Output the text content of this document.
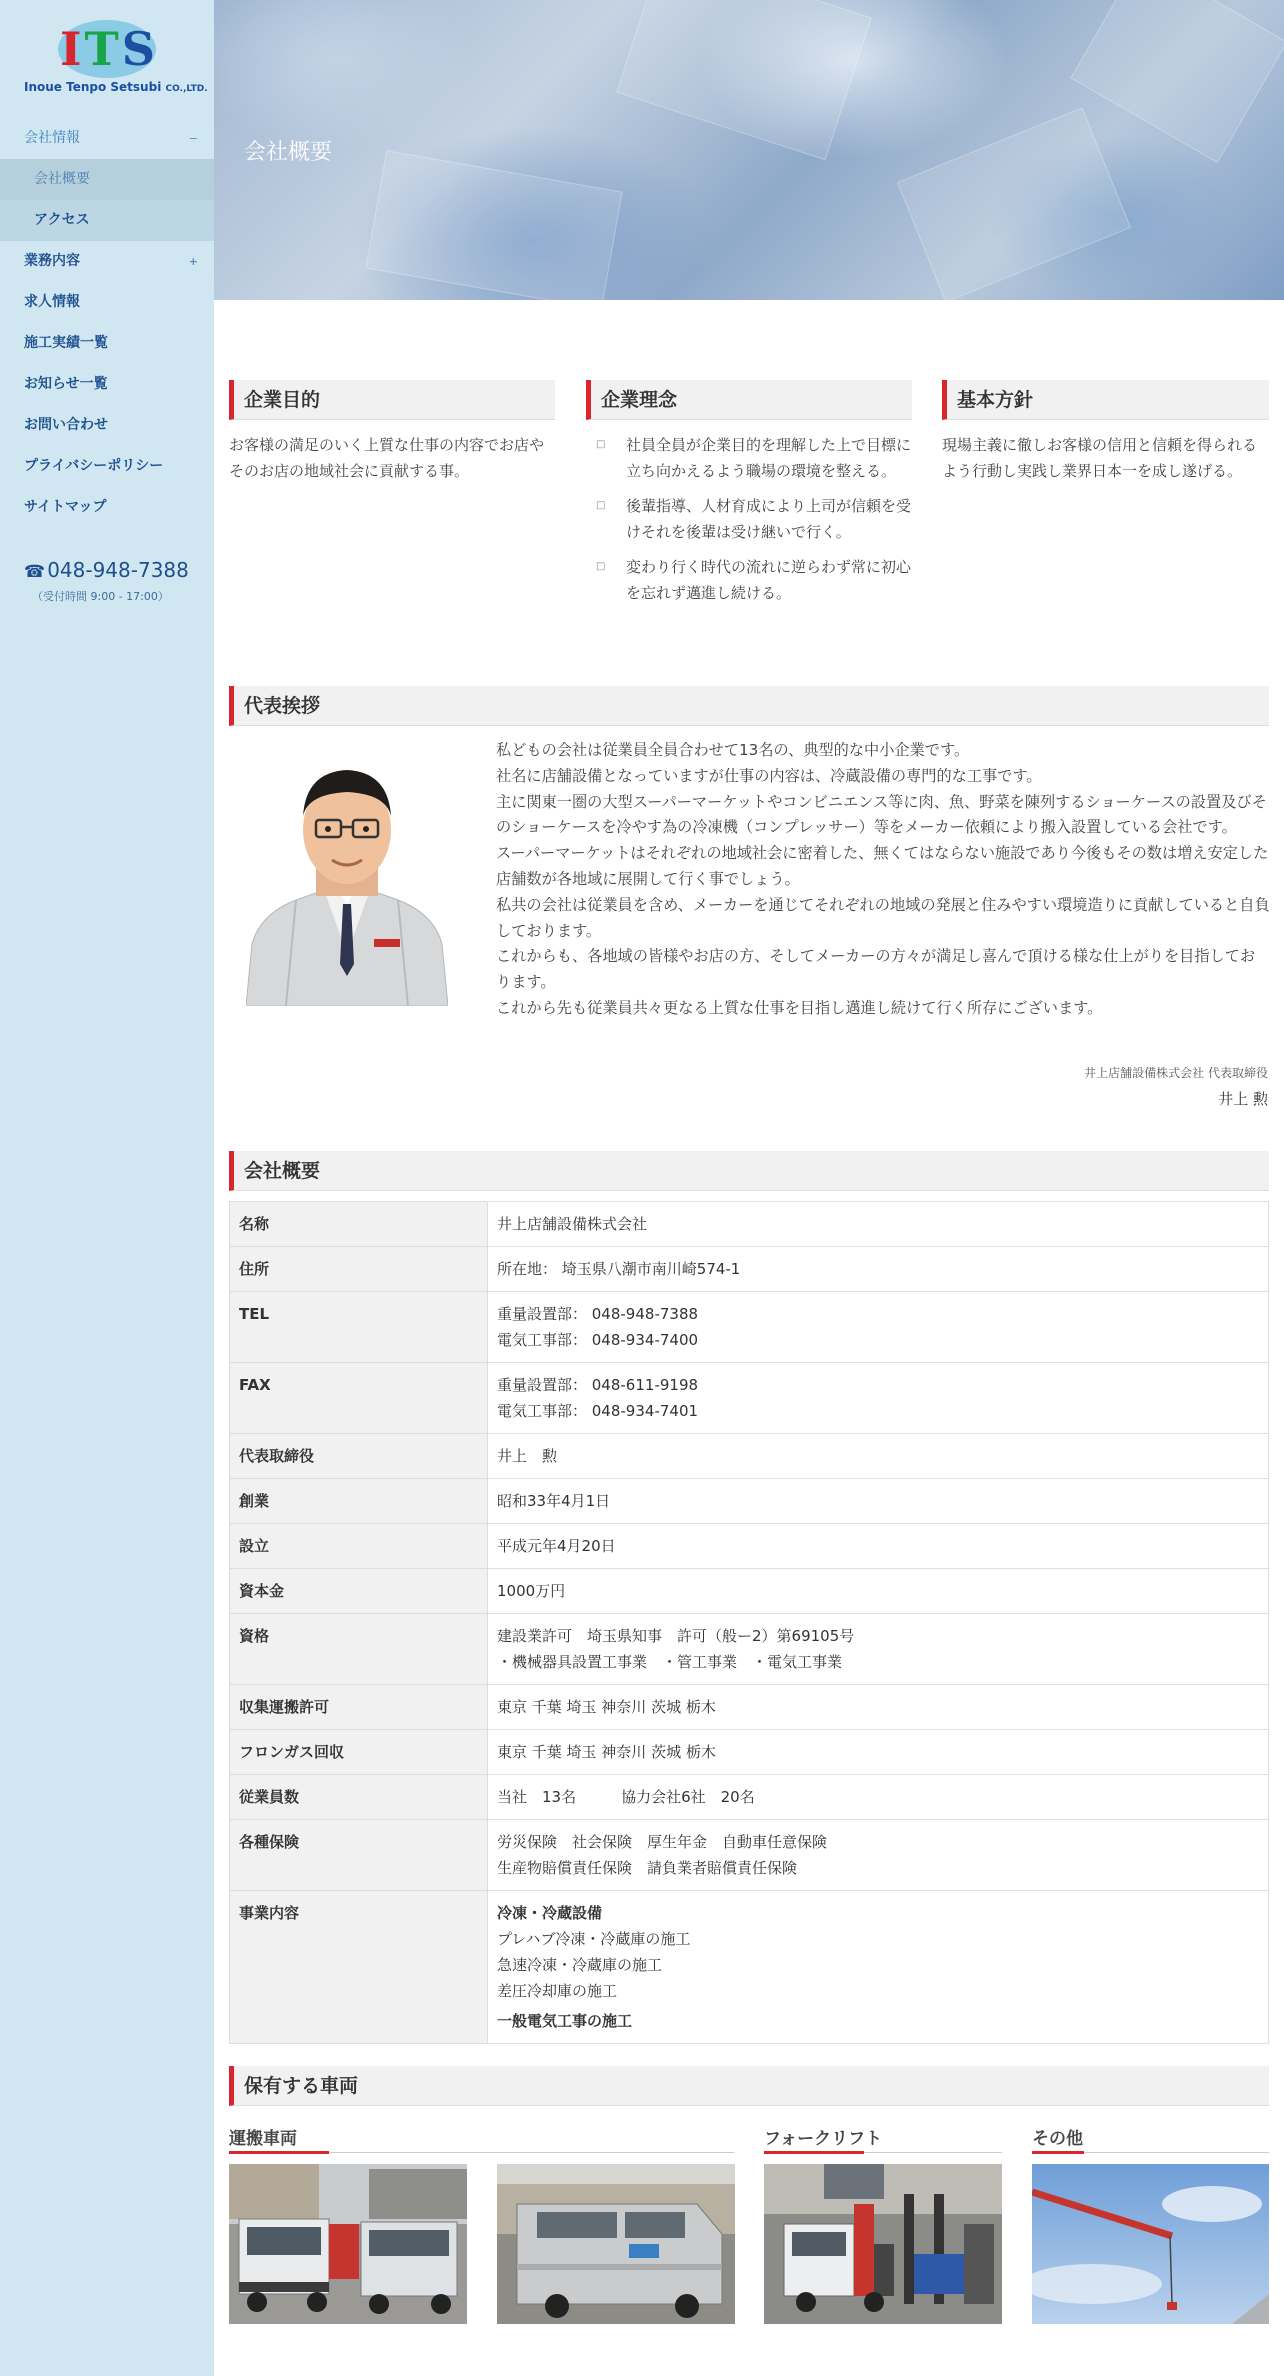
ITS
Inoue Tenpo Setsubi CO.,LTD.
会社情報	−
会社概要
アクセス
業務内容	+
求人情報
施工実績一覧
お知らせ一覧
お問い合わせ
プライバシーポリシー
サイトマップ
☎ 048-948-7388
（受付時間 9:00 - 17:00）
会社概要
企業目的
お客様の満足のいく上質な仕事の内容でお店やそのお店の地域社会に貢献する事。
企業理念
□ 社員全員が企業目的を理解した上で目標に立ち向かえるよう職場の環境を整える。
□ 後輩指導、人材育成により上司が信頼を受けそれを後輩は受け継いで行く。
□ 変わり行く時代の流れに逆らわず常に初心を忘れず邁進し続ける。
基本方針
現場主義に徹しお客様の信用と信頼を得られるよう行動し実践し業界日本一を成し遂げる。
代表挨拶
私どもの会社は従業員全員合わせて13名の、典型的な中小企業です。
社名に店舗設備となっていますが仕事の内容は、冷蔵設備の専門的な工事です。
主に関東一圏の大型スーパーマーケットやコンビニエンス等に肉、魚、野菜を陳列するショーケースの設置及びそのショーケースを冷やす為の冷凍機（コンプレッサー）等をメーカー依頼により搬入設置している会社です。
スーパーマーケットはそれぞれの地域社会に密着した、無くてはならない施設であり今後もその数は増え安定した店舗数が各地域に展開して行く事でしょう。
私共の会社は従業員を含め、メーカーを通じてそれぞれの地域の発展と住みやすい環境造りに貢献していると自負しております。
これからも、各地域の皆様やお店の方、そしてメーカーの方々が満足し喜んで頂ける様な仕上がりを目指しております。
これから先も従業員共々更なる上質な仕事を目指し邁進し続けて行く所存にございます。
井上店舗設備株式会社 代表取締役
井上 勲
会社概要
名称	井上店舗設備株式会社

住所	所在地： 埼玉県八潮市南川崎574-1

TEL	重量設置部： 048-948-7388
電気工事部： 048-934-7400

FAX	重量設置部： 048-611-9198
電気工事部： 048-934-7401

代表取締役	井上　勲

創業	昭和33年4月1日

設立	平成元年4月20日

資本金	1000万円

資格	建設業許可　埼玉県知事　許可（般ー2）第69105号
・機械器具設置工事業　・管工事業　・電気工事業

収集運搬許可	東京 千葉 埼玉 神奈川 茨城 栃木

フロンガス回収	東京 千葉 埼玉 神奈川 茨城 栃木

従業員数	当社　13名　　　協力会社6社　20名

各種保険	労災保険　社会保険　厚生年金　自動車任意保険
生産物賠償責任保険　請負業者賠償責任保険

事業内容	冷凍・冷蔵設備
プレハブ冷凍・冷蔵庫の施工
急速冷凍・冷蔵庫の施工
差圧冷却庫の施工
一般電気工事の施工
保有する車両
運搬車両	フォークリフト	その他
